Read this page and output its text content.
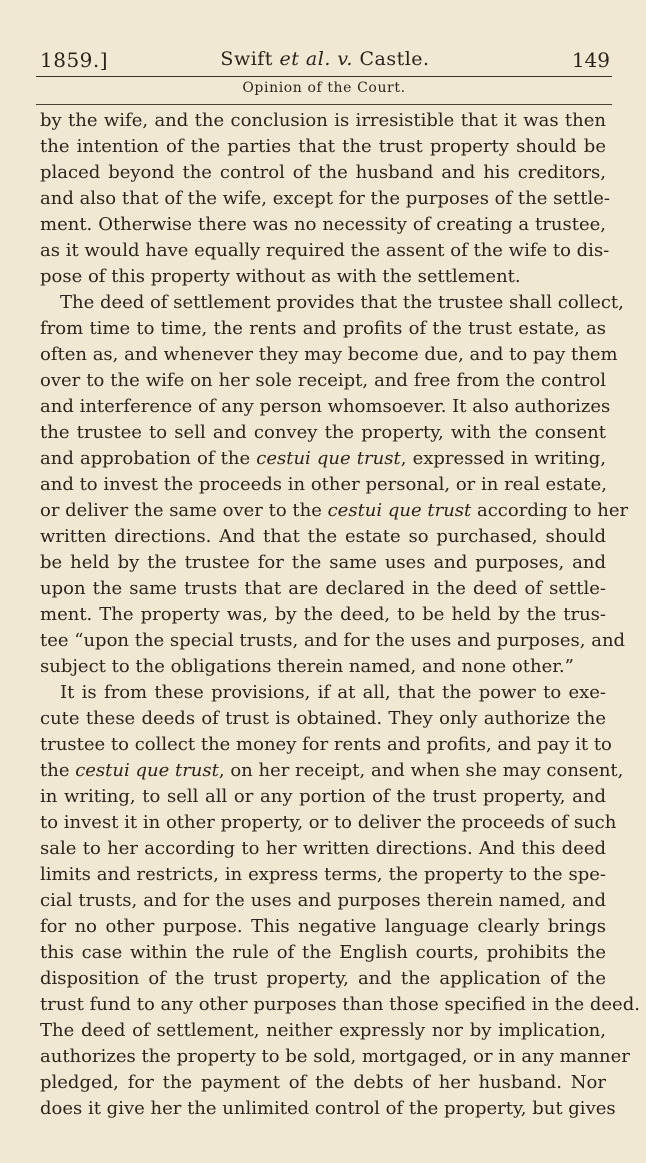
1859.]	Swift et al. v. Castle.	149
Opinion of the Court.
by the wife, and the conclusion is irresistible that it was then
the intention of the parties that the trust property should be
placed beyond the control of the husband and his creditors,
and also that of the wife, except for the purposes of the settle-
ment. Otherwise there was no necessity of creating a trustee,
as it would have equally required the assent of the wife to dis-
pose of this property without as with the settlement.
The deed of settlement provides that the trustee shall collect,
from time to time, the rents and profits of the trust estate, as
often as, and whenever they may become due, and to pay them
over to the wife on her sole receipt, and free from the control
and interference of any person whomsoever. It also authorizes
the trustee to sell and convey the property, with the consent
and approbation of the cestui que trust, expressed in writing,
and to invest the proceeds in other personal, or in real estate,
or deliver the same over to the cestui que trust according to her
written directions. And that the estate so purchased, should
be held by the trustee for the same uses and purposes, and
upon the same trusts that are declared in the deed of settle-
ment. The property was, by the deed, to be held by the trus-
tee “upon the special trusts, and for the uses and purposes, and
subject to the obligations therein named, and none other.”
It is from these provisions, if at all, that the power to exe-
cute these deeds of trust is obtained. They only authorize the
trustee to collect the money for rents and profits, and pay it to
the cestui que trust, on her receipt, and when she may consent,
in writing, to sell all or any portion of the trust property, and
to invest it in other property, or to deliver the proceeds of such
sale to her according to her written directions. And this deed
limits and restricts, in express terms, the property to the spe-
cial trusts, and for the uses and purposes therein named, and
for no other purpose. This negative language clearly brings
this case within the rule of the English courts, prohibits the
disposition of the trust property, and the application of the
trust fund to any other purposes than those specified in the deed.
The deed of settlement, neither expressly nor by implication,
authorizes the property to be sold, mortgaged, or in any manner
pledged, for the payment of the debts of her husband. Nor
does it give her the unlimited control of the property, but gives
